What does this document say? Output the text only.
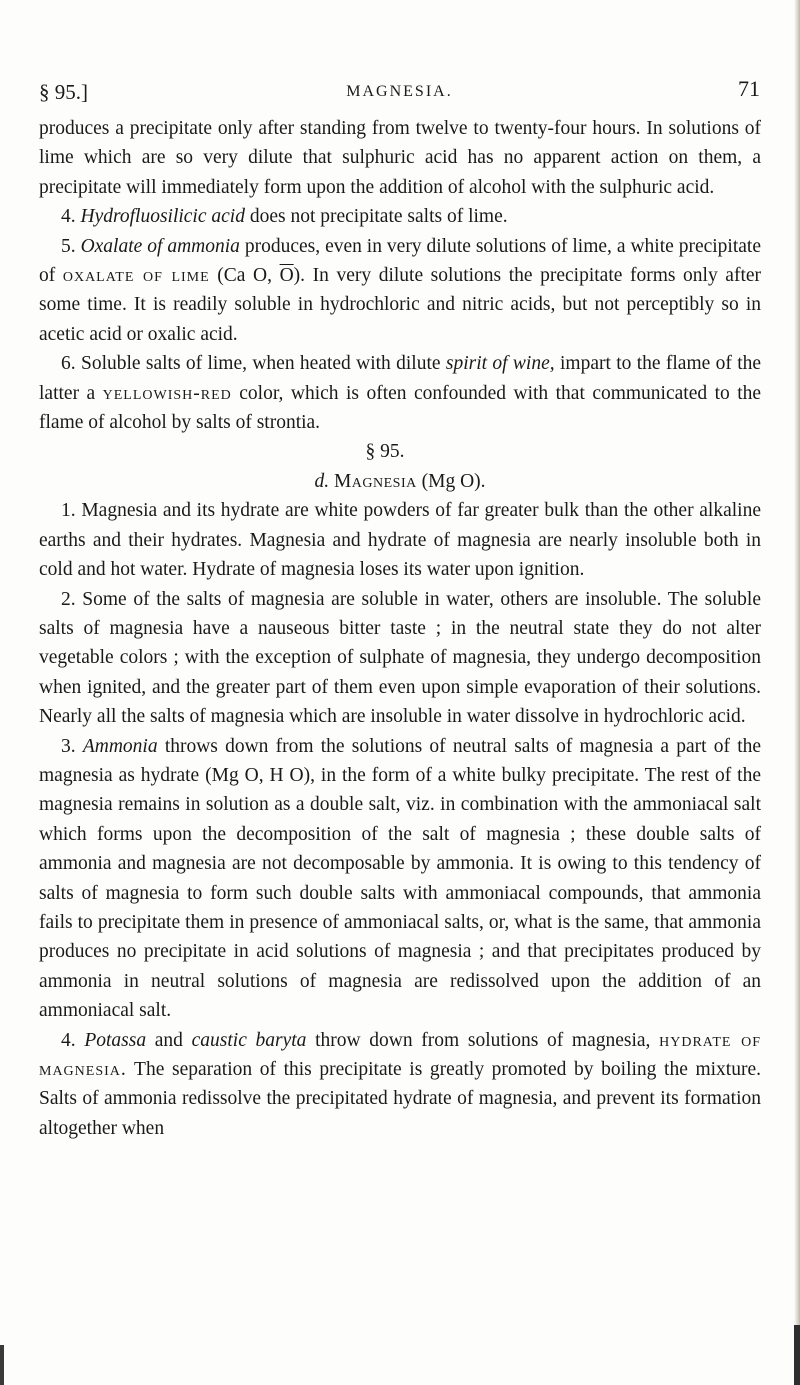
§ 95.]	MAGNESIA.	71

produces a precipitate only after standing from twelve to twenty-four hours. In solutions of lime which are so very dilute that sulphuric acid has no apparent action on them, a precipitate will immediately form upon the addition of alcohol with the sulphuric acid.

4. Hydrofluosilicic acid does not precipitate salts of lime.

5. Oxalate of ammonia produces, even in very dilute solutions of lime, a white precipitate of oxalate of lime (Ca O, $\overline{O}$). In very dilute solutions the precipitate forms only after some time. It is readily soluble in hydrochloric and nitric acids, but not perceptibly so in acetic acid or oxalic acid.

6. Soluble salts of lime, when heated with dilute spirit of wine, impart to the flame of the latter a yellowish-red color, which is often confounded with that communicated to the flame of alcohol by salts of strontia.

§ 95.

d. Magnesia (Mg O).

1. Magnesia and its hydrate are white powders of far greater bulk than the other alkaline earths and their hydrates. Magnesia and hydrate of magnesia are nearly insoluble both in cold and hot water. Hydrate of magnesia loses its water upon ignition.

2. Some of the salts of magnesia are soluble in water, others are insoluble. The soluble salts of magnesia have a nauseous bitter taste ; in the neutral state they do not alter vegetable colors ; with the exception of sulphate of magnesia, they undergo decomposition when ignited, and the greater part of them even upon simple evaporation of their solutions. Nearly all the salts of magnesia which are insoluble in water dissolve in hydrochloric acid.

3. Ammonia throws down from the solutions of neutral salts of magnesia a part of the magnesia as hydrate (Mg O, H O), in the form of a white bulky precipitate. The rest of the magnesia remains in solution as a double salt, viz. in combination with the ammoniacal salt which forms upon the decomposition of the salt of magnesia ; these double salts of ammonia and magnesia are not decomposable by ammonia. It is owing to this tendency of salts of magnesia to form such double salts with ammoniacal compounds, that ammonia fails to precipitate them in presence of ammoniacal salts, or, what is the same, that ammonia produces no precipitate in acid solutions of magnesia ; and that precipitates produced by ammonia in neutral solutions of magnesia are redissolved upon the addition of an ammoniacal salt.

4. Potassa and caustic baryta throw down from solutions of magnesia, hydrate of magnesia. The separation of this precipitate is greatly promoted by boiling the mixture. Salts of ammonia redissolve the precipitated hydrate of magnesia, and prevent its formation altogether when
